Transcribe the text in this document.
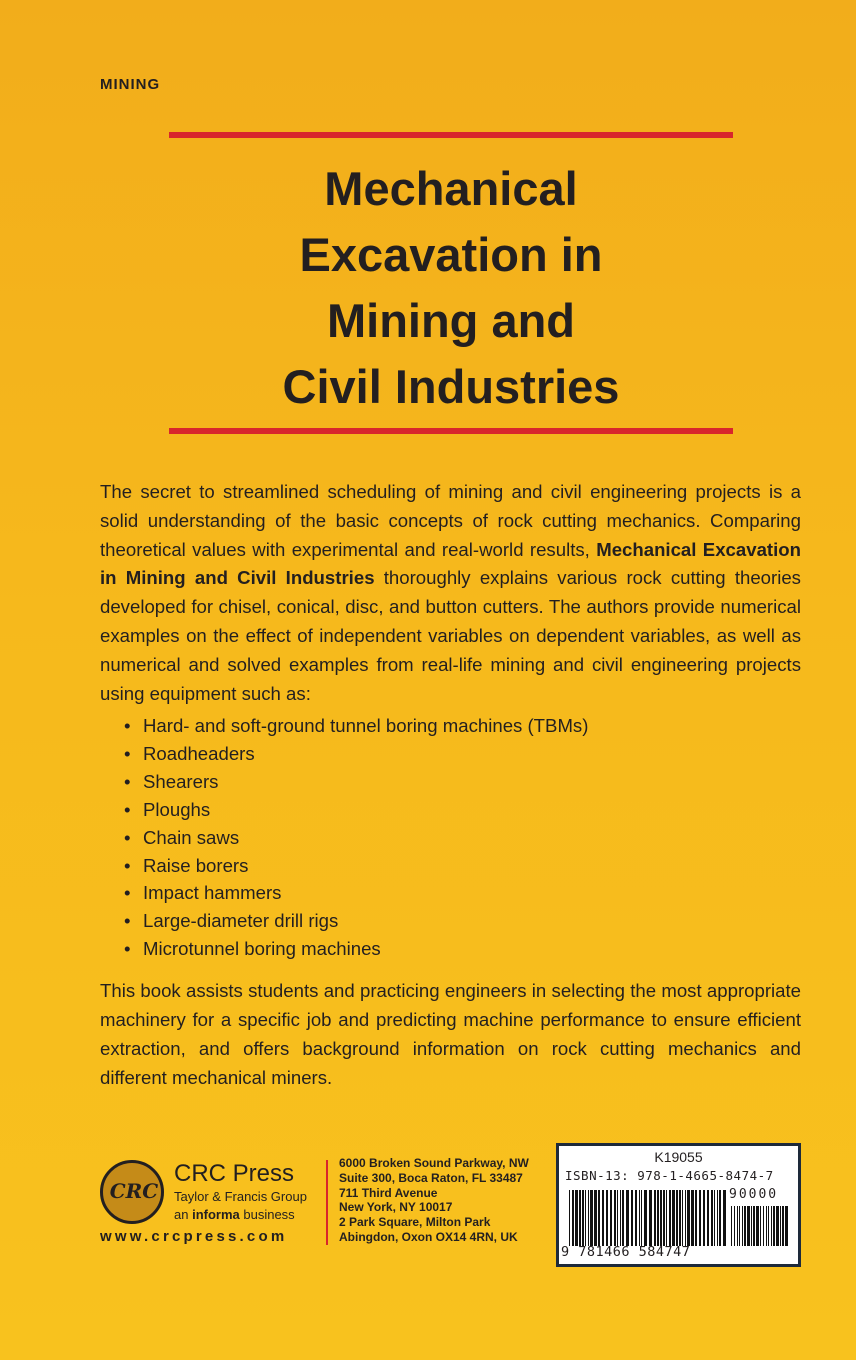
MINING

Mechanical
Excavation in
Mining and
Civil Industries

The secret to streamlined scheduling of mining and civil engineering projects is a solid understanding of the basic concepts of rock cutting mechanics. Comparing theoretical values with experimental and real-world results, Mechanical Excavation in Mining and Civil Industries thoroughly explains various rock cutting theories developed for chisel, conical, disc, and button cutters. The authors provide numerical examples on the effect of independent variables on dependent variables, as well as numerical and solved examples from real-life mining and civil engineering projects using equipment such as:

• Hard- and soft-ground tunnel boring machines (TBMs)
• Roadheaders
• Shearers
• Ploughs
• Chain saws
• Raise borers
• Impact hammers
• Large-diameter drill rigs
• Microtunnel boring machines

This book assists students and practicing engineers in selecting the most appropriate machinery for a specific job and predicting machine performance to ensure efficient extraction, and offers background information on rock cutting mechanics and different mechanical miners.

CRC
CRC Press
Taylor & Francis Group
an informa business
www.crcpress.com
6000 Broken Sound Parkway, NW
Suite 300, Boca Raton, FL 33487
711 Third Avenue
New York, NY 10017
2 Park Square, Milton Park
Abingdon, Oxon OX14 4RN, UK
K19055
ISBN-13: 978-1-4665-8474-7
90000
9 781466 584747
